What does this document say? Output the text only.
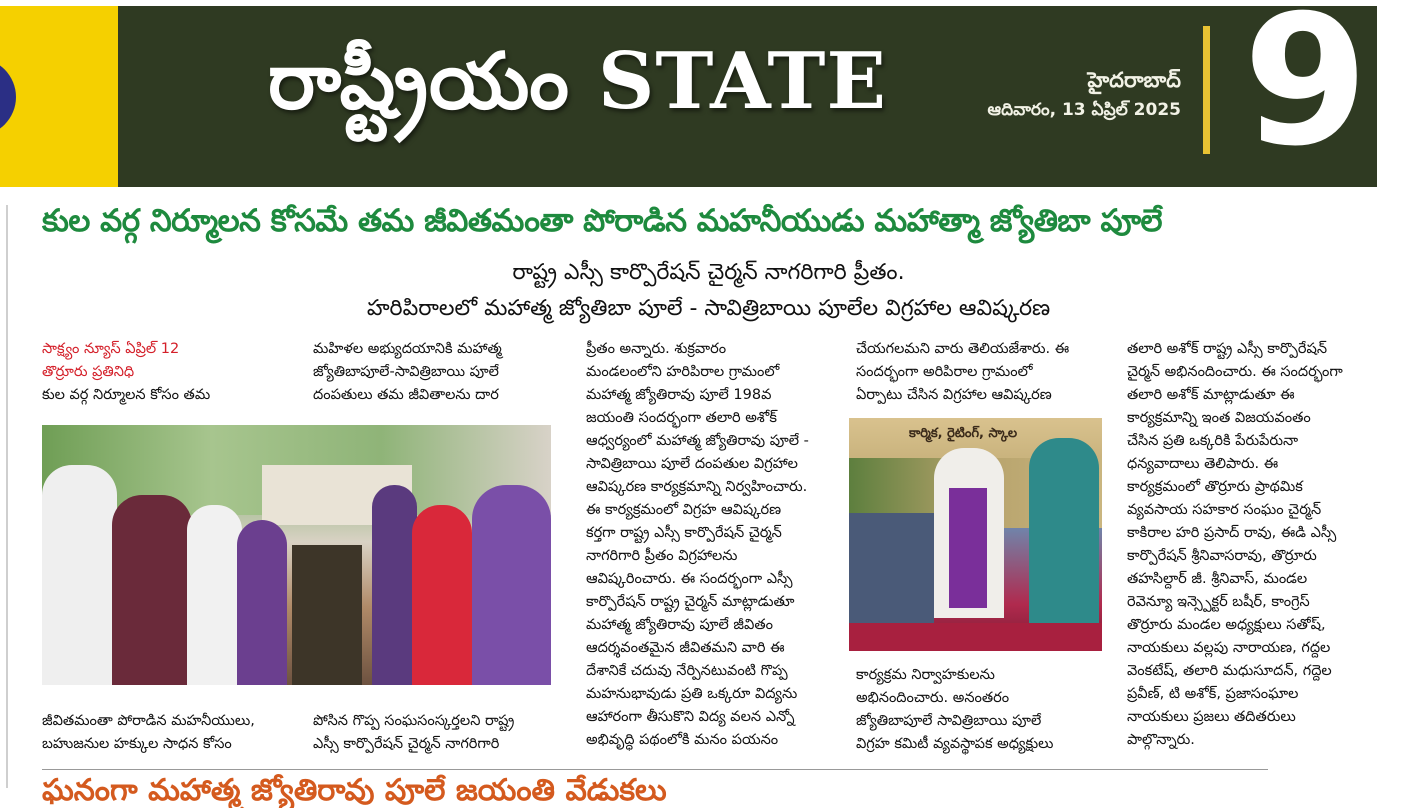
రాష్ట్రీయం STATE	హైదరాబాద్
ఆదివారం, 13 ఏప్రిల్ 2025 9
కుల వర్గ నిర్మూలన కోసమే తమ జీవితమంతా పోరాడిన మహనీయుడు మహాత్మా జ్యోతిబా పూలే
రాష్ట్ర ఎస్సీ కార్పొరేషన్ చైర్మన్ నాగరిగారి ప్రీతం.
హరిపిరాలలో మహాత్మ జ్యోతిబా పూలే - సావిత్రిబాయి పూలేల విగ్రహాల ఆవిష్కరణ

సాక్ష్యం న్యూస్ ఏప్రిల్ 12

తొర్రూరు ప్రతినిధి

కుల వర్గ నిర్మూలన కోసం తమ

మహిళల అభ్యుదయానికి మహాత్మ

జ్యోతిబాపూలే-సావిత్రిబాయి పూలే

దంపతులు తమ జీవితాలను దార

ప్రీతం అన్నారు. శుక్రవారం

మండలంలోని హరిపిరాల గ్రామంలో

మహాత్మ జ్యోతిరావు పూలే 198వ

జయంతి సందర్భంగా తలారి అశోక్

ఆధ్వర్యంలో మహాత్మ జ్యోతిరావు పూలే -

సావిత్రిబాయి పూలే దంపతుల విగ్రహాల

ఆవిష్కరణ కార్యక్రమాన్ని నిర్వహించారు.

ఈ కార్యక్రమంలో విగ్రహ ఆవిష్కరణ

కర్తగా రాష్ట్ర ఎస్సీ కార్పొరేషన్ చైర్మన్

నాగరిగారి ప్రీతం విగ్రహాలను

ఆవిష్కరించారు. ఈ సందర్భంగా ఎస్సీ

కార్పొరేషన్ రాష్ట్ర చైర్మన్ మాట్లాడుతూ

మహాత్మ జ్యోతిరావు పూలే జీవితం

ఆదర్శవంతమైన జీవితమని వారి ఈ

దేశానికే చదువు నేర్పినటువంటి గొప్ప

మహనుభావుడు ప్రతి ఒక్కరూ విద్యను

ఆహారంగా తీసుకొని విద్య వలన ఎన్నో

అభివృద్ధి పథంలోకి మనం పయనం

చేయగలమని వారు తెలియజేశారు. ఈ

సందర్భంగా అరిపిరాల గ్రామంలో

ఏర్పాటు చేసిన విగ్రహాల ఆవిష్కరణ

కార్మిక, రైటింగ్, స్కాల

కార్యక్రమ నిర్వాహకులను

అభినందించారు. అనంతరం

జ్యోతిబాపూలే సావిత్రిబాయి పూలే

విగ్రహ కమిటీ వ్యవస్థాపక అధ్యక్షులు

తలారి అశోక్ రాష్ట్ర ఎస్సీ కార్పొరేషన్

చైర్మన్ అభినందించారు. ఈ సందర్భంగా

తలారి అశోక్ మాట్లాడుతూ ఈ

కార్యక్రమాన్ని ఇంత విజయవంతం

చేసిన ప్రతి ఒక్కరికి పేరుపేరునా

ధన్యవాదాలు తెలిపారు. ఈ

కార్యక్రమంలో తొర్రూరు ప్రాథమిక

వ్యవసాయ సహకార సంఘం చైర్మన్

కాకిరాల హరి ప్రసాద్ రావు, ఈడి ఎస్సీ

కార్పొరేషన్ శ్రీనివాసరావు, తొర్రూరు

తహసిల్దార్ జీ. శ్రీనివాస్, మండల

రెవెన్యూ ఇన్స్పెక్టర్ బషీర్, కాంగ్రెస్

తొర్రూరు మండల అధ్యక్షులు సతోష్,

నాయకులు వల్లపు నారాయణ, గద్దల

వెంకటేష్, తలారి మధుసూదన్, గద్దెల

ప్రవీణ్, టి అశోక్, ప్రజాసంఘాల

నాయకులు ప్రజలు తదితరులు

పాల్గొన్నారు.

జీవితమంతా పోరాడిన మహనీయులు,

బహుజనుల హక్కుల సాధన కోసం

పోసిన గొప్ప సంఘసంస్కర్తలని రాష్ట్ర

ఎస్సీ కార్పొరేషన్ చైర్మన్ నాగరిగారి

ఘనంగా మహాత్మ జ్యోతిరావు పూలే జయంతి వేడుకలు
